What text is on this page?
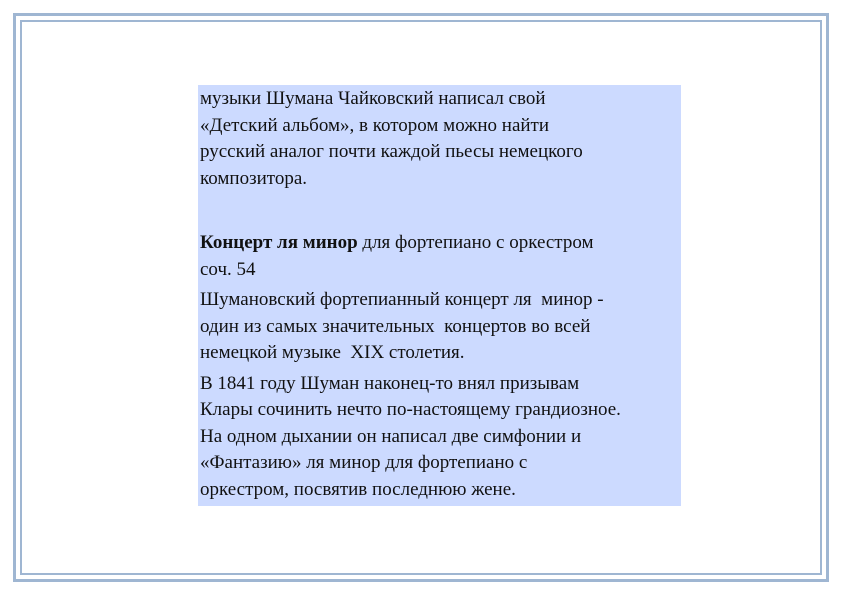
музыки Шумана Чайковский написал свой
«Детский альбом», в котором можно найти
русский аналог почти каждой пьесы немецкого
композитора.

Концерт ля минор для фортепиано с оркестром
соч. 54

Шумановский фортепианный концерт ля  минор -
один из самых значительных  концертов во всей
немецкой музыке  XIX столетия.

В 1841 году Шуман наконец-то внял призывам
Клары сочинить нечто по-настоящему грандиозное.
На одном дыхании он написал две симфонии и
«Фантазию» ля минор для фортепиано с
оркестром, посвятив последнюю жене.
